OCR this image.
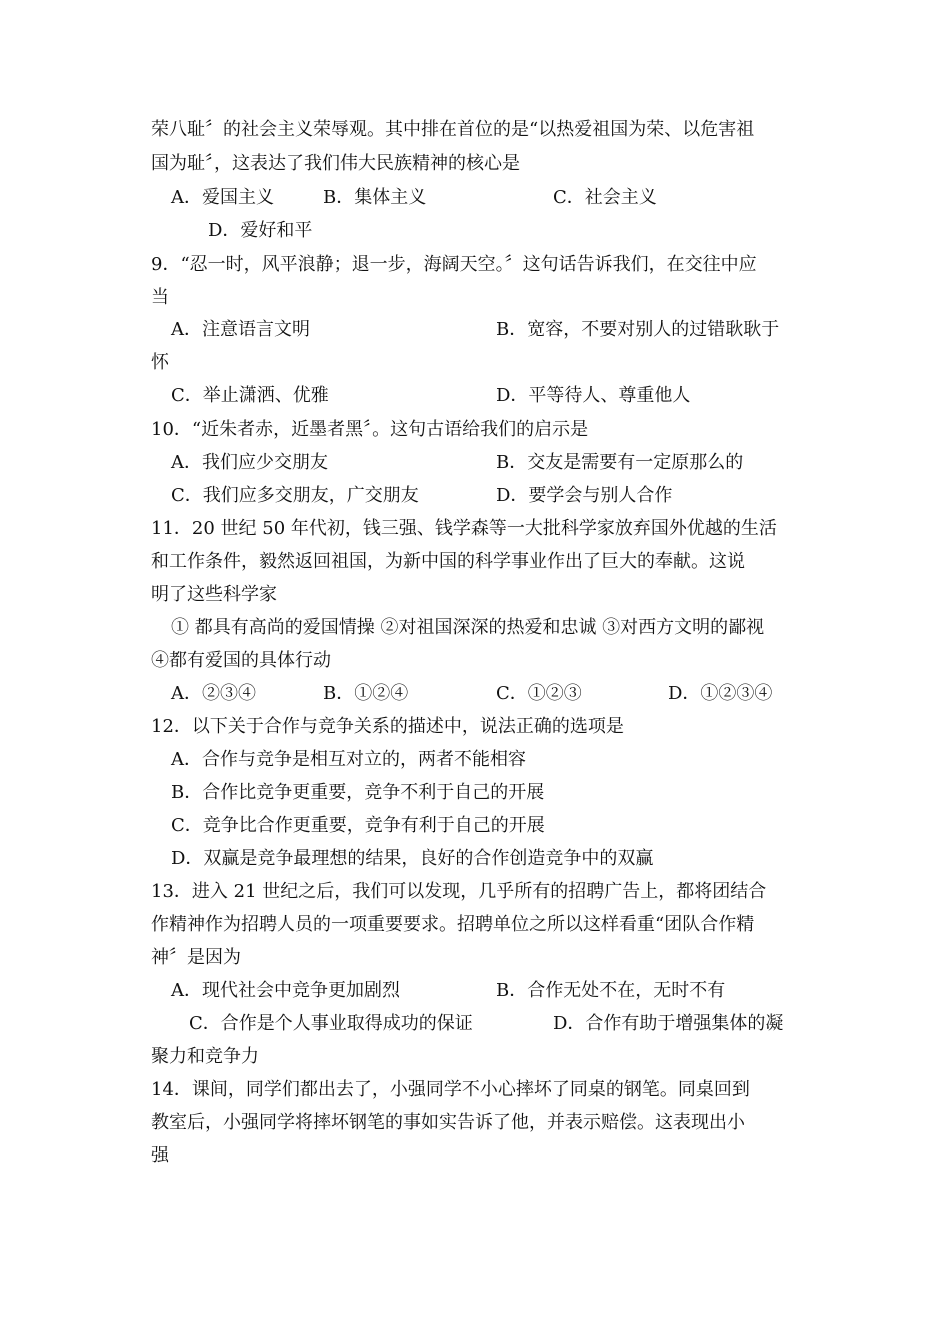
荣八耻〞的社会主义荣辱观。其中排在首位的是“以热爱祖国为荣、以危害祖
国为耻〞，这表达了我们伟大民族精神的核心是
A．爱国主义	B．集体主义	C．社会主义
D．爱好和平
9．“忍一时，风平浪静；退一步，海阔天空。〞这句话告诉我们，在交往中应
当
A．注意语言文明	B．宽容，不要对别人的过错耿耿于
怀
C．举止潇洒、优雅	D．平等待人、尊重他人
10．“近朱者赤，近墨者黑〞。这句古语给我们的启示是
A．我们应少交朋友	B．交友是需要有一定原那么的
C．我们应多交朋友，广交朋友	D．要学会与别人合作
11．20 世纪 50 年代初，钱三强、钱学森等一大批科学家放弃国外优越的生活
和工作条件，毅然返回祖国，为新中国的科学事业作出了巨大的奉献。这说
明了这些科学家
① 都具有高尚的爱国情操 ②对祖国深深的热爱和忠诚 ③对西方文明的鄙视
④都有爱国的具体行动
A．②③④	B．①②④	C．①②③	D．①②③④
12．以下关于合作与竞争关系的描述中，说法正确的选项是
A．合作与竞争是相互对立的，两者不能相容
B．合作比竞争更重要，竞争不利于自己的开展
C．竞争比合作更重要，竞争有利于自己的开展
D．双赢是竞争最理想的结果，良好的合作创造竞争中的双赢
13．进入 21 世纪之后，我们可以发现，几乎所有的招聘广告上，都将团结合
作精神作为招聘人员的一项重要要求。招聘单位之所以这样看重“团队合作精
神〞是因为
A．现代社会中竞争更加剧烈	B．合作无处不在，无时不有
C．合作是个人事业取得成功的保证	D．合作有助于增强集体的凝
聚力和竞争力
14．课间，同学们都出去了，小强同学不小心摔坏了同桌的钢笔。同桌回到
教室后，小强同学将摔坏钢笔的事如实告诉了他，并表示赔偿。这表现出小
强
